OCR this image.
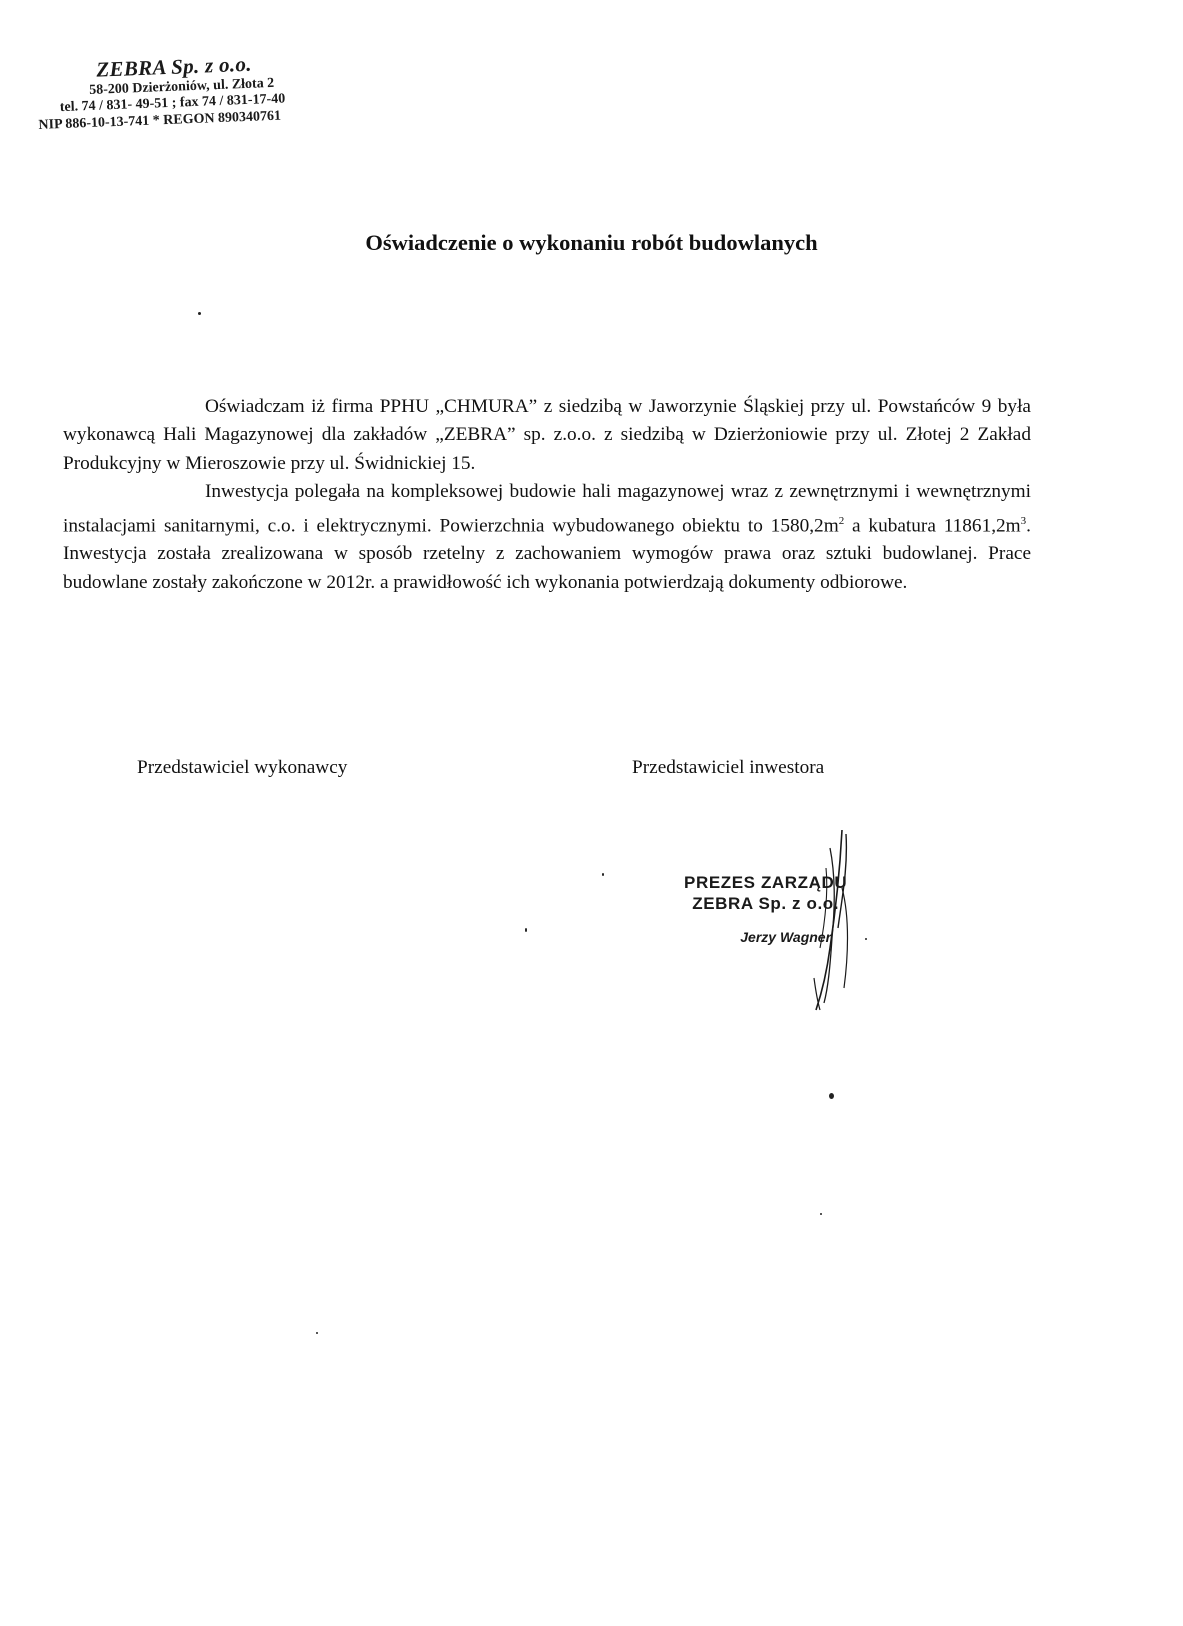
ZEBRA Sp. z o.o.
58-200 Dzierżoniów, ul. Złota 2
tel. 74 / 831- 49-51 ; fax 74 / 831-17-40
NIP 886-10-13-741 * REGON 890340761
Oświadczenie o wykonaniu robót budowlanych

Oświadczam iż firma PPHU „CHMURA” z siedzibą w Jaworzynie Śląskiej przy ul. Powstańców 9 była wykonawcą Hali Magazynowej dla zakładów „ZEBRA” sp. z.o.o. z siedzibą w Dzierżoniowie przy ul. Złotej 2 Zakład Produkcyjny w Mieroszowie przy ul. Świdnickiej 15.

Inwestycja polegała na kompleksowej budowie hali magazynowej wraz z zewnętrznymi i wewnętrznymi instalacjami sanitarnymi, c.o. i elektrycznymi. Powierzchnia wybudowanego obiektu to $1580,2m^2$ a kubatura $11861,2m^3$. Inwestycja została zrealizowana w sposób rzetelny z zachowaniem wymogów prawa oraz sztuki budowlanej. Prace budowlane zostały zakończone w 2012r. a prawidłowość ich wykonania potwierdzają dokumenty odbiorowe.

Przedstawiciel wykonawcy	Przedstawiciel inwestora
PREZES ZARZĄDU
ZEBRA Sp. z o.o.
Jerzy Wagner
